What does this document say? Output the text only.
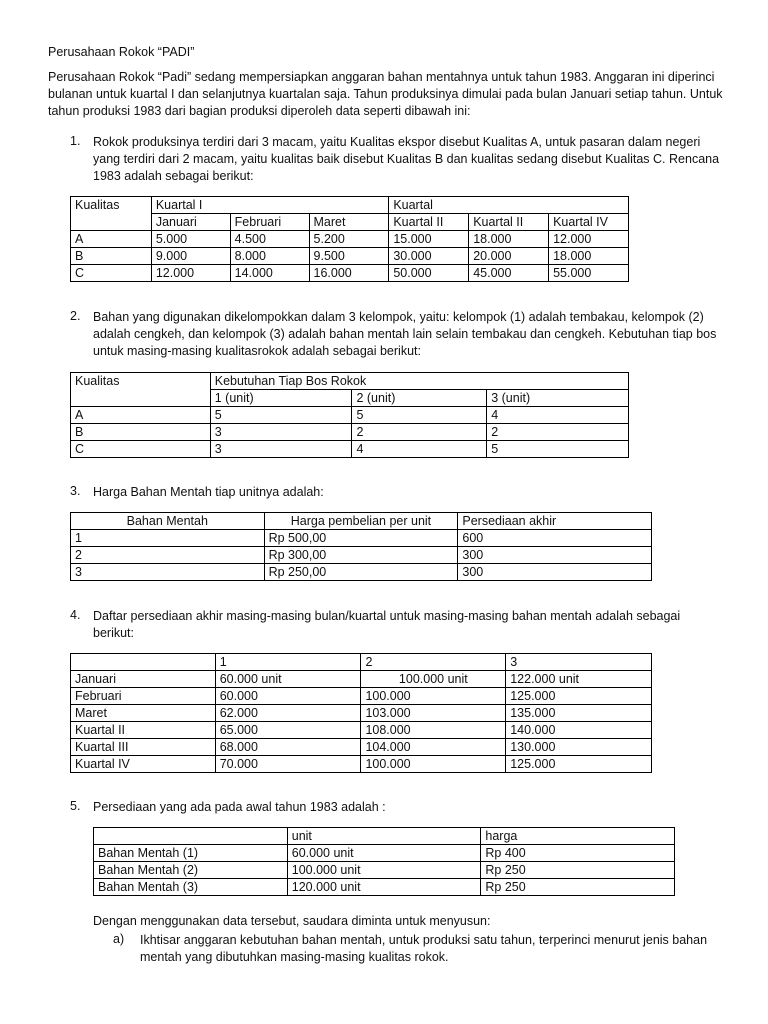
Perusahaan Rokok “PADI”

Perusahaan Rokok “Padi” sedang mempersiapkan anggaran bahan mentahnya untuk tahun 1983. Anggaran ini diperinci bulanan untuk kuartal I dan selanjutnya kuartalan saja. Tahun produksinya dimulai pada bulan Januari setiap tahun. Untuk tahun produksi 1983 dari bagian produksi diperoleh data seperti dibawah ini:

1. Rokok produksinya terdiri dari 3 macam, yaitu Kualitas ekspor disebut Kualitas A, untuk pasaran dalam negeri yang terdiri dari 2 macam, yaitu kualitas baik disebut Kualitas B dan kualitas sedang disebut Kualitas C. Rencana 1983 adalah sebagai berikut:

Kualitas	Kuartal I			Kuartal		
	Januari	Februari	Maret	Kuartal II	Kuartal II	Kuartal IV
A	5.000	4.500	5.200	15.000	18.000	12.000
B	9.000	8.000	9.500	30.000	20.000	18.000
C	12.000	14.000	16.000	50.000	45.000	55.000
2. Bahan yang digunakan dikelompokkan dalam 3 kelompok, yaitu: kelompok (1) adalah tembakau, kelompok (2) adalah cengkeh, dan kelompok (3) adalah bahan mentah lain selain tembakau dan cengkeh. Kebutuhan tiap bos untuk masing-masing kualitasrokok adalah sebagai berikut:

Kualitas	Kebutuhan Tiap Bos Rokok		
	1 (unit)	2 (unit)	3 (unit)
A	5	5	4
B	3	2	2
C	3	4	5
3. Harga Bahan Mentah tiap unitnya adalah:

Bahan Mentah	Harga pembelian per unit	Persediaan akhir
1	Rp 500,00	600
2	Rp 300,00	300
3	Rp 250,00	300
4. Daftar persediaan akhir masing-masing bulan/kuartal untuk masing-masing bahan mentah adalah sebagai berikut:

	1	2	3
Januari	60.000 unit	100.000 unit	122.000 unit
Februari	60.000	100.000	125.000
Maret	62.000	103.000	135.000
Kuartal II	65.000	108.000	140.000
Kuartal III	68.000	104.000	130.000
Kuartal IV	70.000	100.000	125.000
5. Persediaan yang ada pada awal tahun 1983 adalah :

	unit	harga
Bahan Mentah (1)	60.000 unit	Rp 400
Bahan Mentah (2)	100.000 unit	Rp 250
Bahan Mentah (3)	120.000 unit	Rp 250

Dengan menggunakan data tersebut, saudara diminta untuk menyusun:

a) Ikhtisar anggaran kebutuhan bahan mentah, untuk produksi satu tahun, terperinci menurut jenis bahan mentah yang dibutuhkan masing-masing kualitas rokok.
